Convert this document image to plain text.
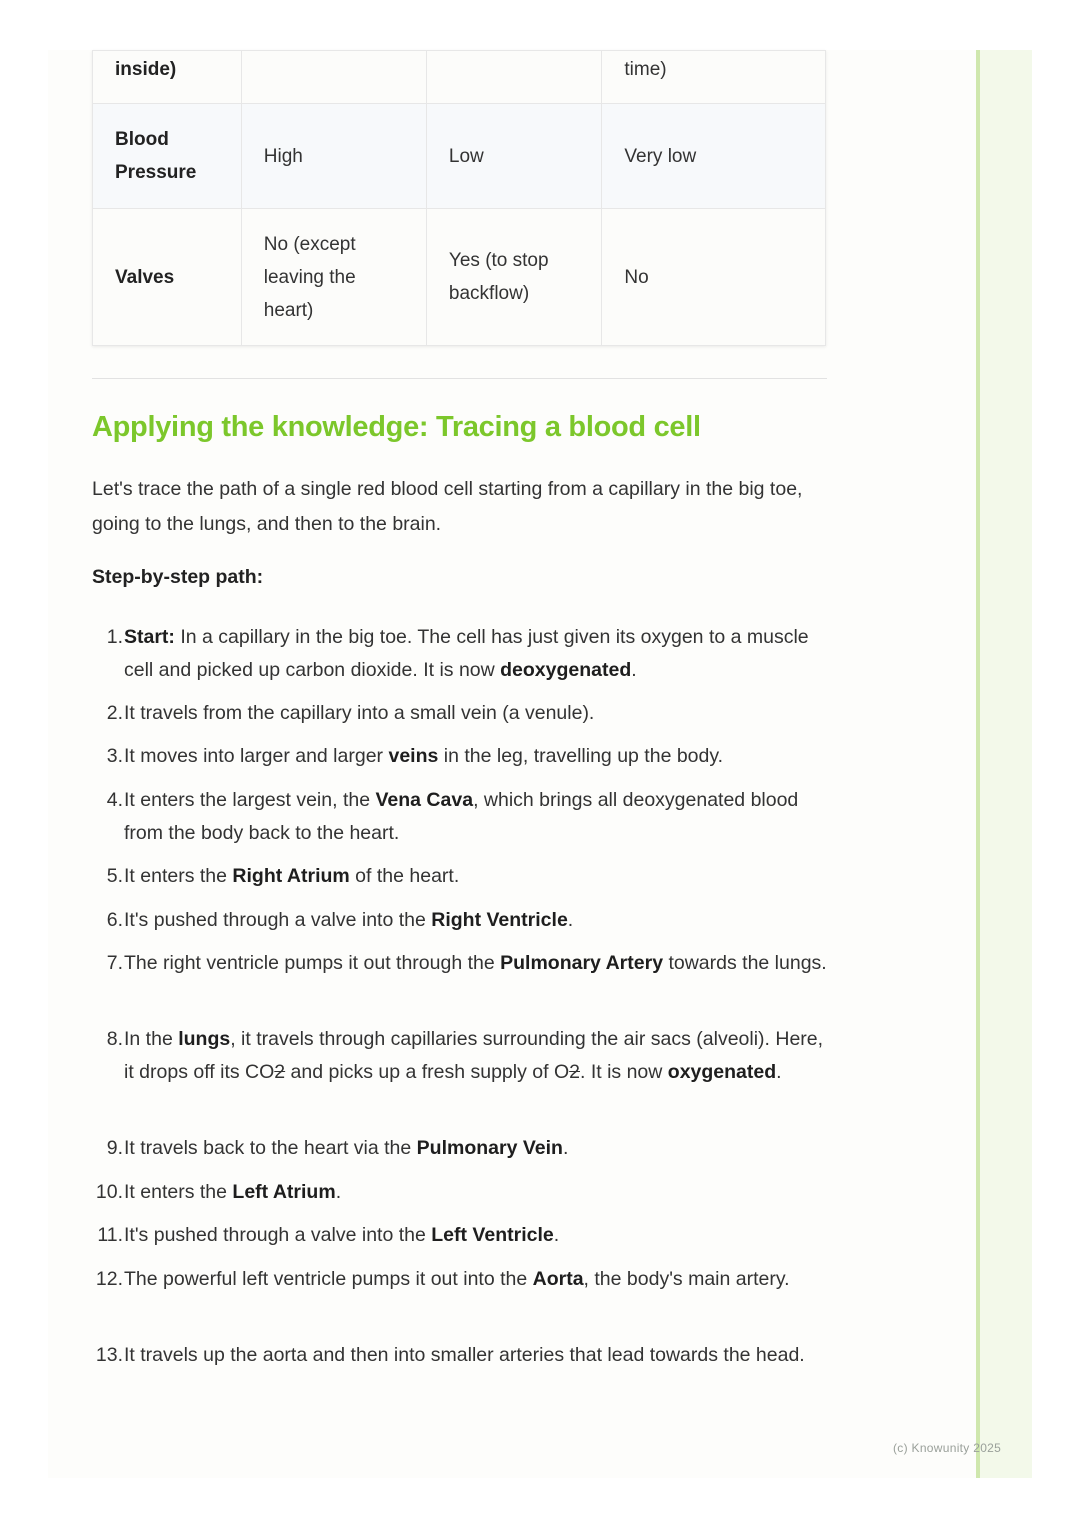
inside)			time)

Blood Pressure	High	Low	Very low
Valves	No (except leaving the heart)	Yes (to stop backflow)	No
Applying the knowledge: Tracing a blood cell

Let's trace the path of a single red blood cell starting from a capillary in the big toe, going to the lungs, and then to the brain.

Step-by-step path:

1. Start: In a capillary in the big toe. The cell has just given its oxygen to a muscle cell and picked up carbon dioxide. It is now deoxygenated.
2. It travels from the capillary into a small vein (a venule).
3. It moves into larger and larger veins in the leg, travelling up the body.
4. It enters the largest vein, the Vena Cava, which brings all deoxygenated blood from the body back to the heart.
5. It enters the Right Atrium of the heart.
6. It's pushed through a valve into the Right Ventricle.
7. The right ventricle pumps it out through the Pulmonary Artery towards the lungs.
8. In the lungs, it travels through capillaries surrounding the air sacs (alveoli). Here, it drops off its CO2 and picks up a fresh supply of O2. It is now oxygenated.
9. It travels back to the heart via the Pulmonary Vein.
10. It enters the Left Atrium.
11. It's pushed through a valve into the Left Ventricle.
12. The powerful left ventricle pumps it out into the Aorta, the body's main artery.
13. It travels up the aorta and then into smaller arteries that lead towards the head.
(c) Knowunity 2025
